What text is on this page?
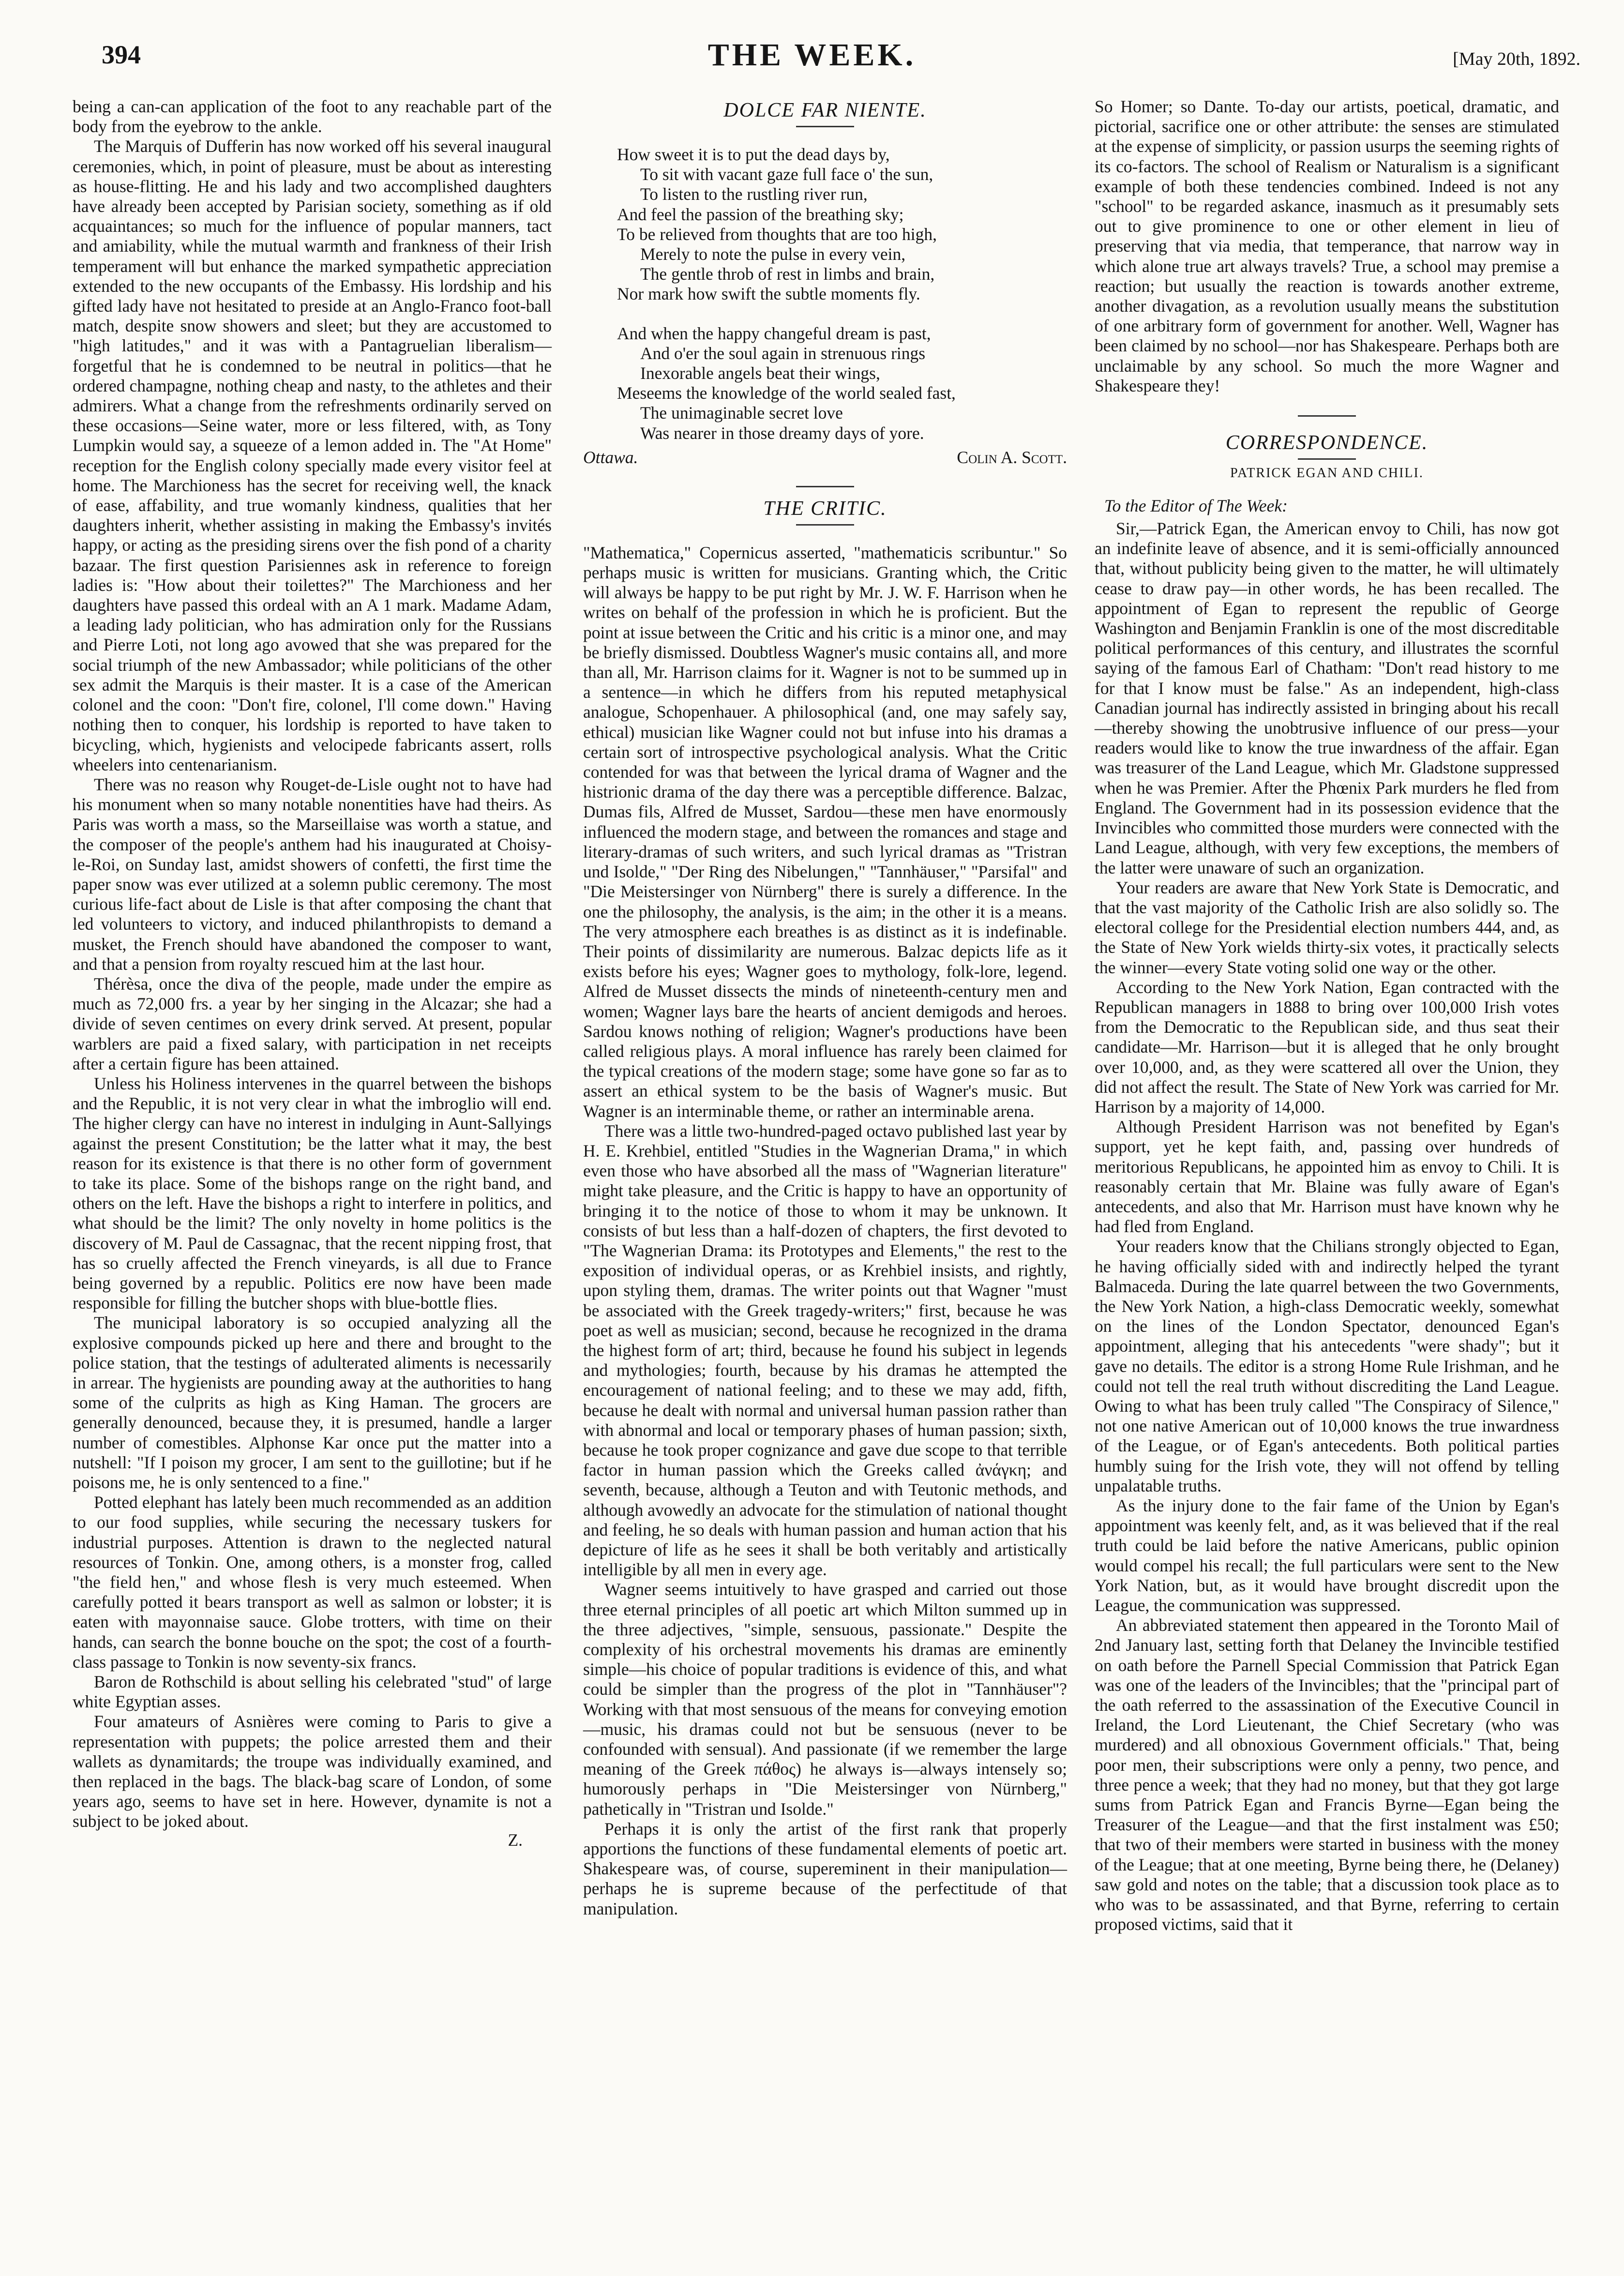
394	THE WEEK.	[May 20th, 1892.

being a can-can application of the foot to any reachable part of the body from the eyebrow to the ankle.

The Marquis of Dufferin has now worked off his several inaugural ceremonies, which, in point of pleasure, must be about as interesting as house-flitting. He and his lady and two accomplished daughters have already been accepted by Parisian society, something as if old acquaintances; so much for the influence of popular manners, tact and amiability, while the mutual warmth and frankness of their Irish temperament will but enhance the marked sympathetic appreciation extended to the new occupants of the Embassy. His lordship and his gifted lady have not hesitated to preside at an Anglo-Franco foot-ball match, despite snow showers and sleet; but they are accustomed to "high latitudes," and it was with a Pantagruelian liberalism—forgetful that he is condemned to be neutral in politics—that he ordered champagne, nothing cheap and nasty, to the athletes and their admirers. What a change from the refreshments ordinarily served on these occasions—Seine water, more or less filtered, with, as Tony Lumpkin would say, a squeeze of a lemon added in. The "At Home" reception for the English colony specially made every visitor feel at home. The Marchioness has the secret for receiving well, the knack of ease, affability, and true womanly kindness, qualities that her daughters inherit, whether assisting in making the Embassy's invités happy, or acting as the presiding sirens over the fish pond of a charity bazaar. The first question Parisiennes ask in reference to foreign ladies is: "How about their toilettes?" The Marchioness and her daughters have passed this ordeal with an A 1 mark. Madame Adam, a leading lady politician, who has admiration only for the Russians and Pierre Loti, not long ago avowed that she was prepared for the social triumph of the new Ambassador; while politicians of the other sex admit the Marquis is their master. It is a case of the American colonel and the coon: "Don't fire, colonel, I'll come down." Having nothing then to conquer, his lordship is reported to have taken to bicycling, which, hygienists and velocipede fabricants assert, rolls wheelers into centenarianism.

There was no reason why Rouget-de-Lisle ought not to have had his monument when so many notable nonentities have had theirs. As Paris was worth a mass, so the Marseillaise was worth a statue, and the composer of the people's anthem had his inaugurated at Choisy-le-Roi, on Sunday last, amidst showers of confetti, the first time the paper snow was ever utilized at a solemn public ceremony. The most curious life-fact about de Lisle is that after composing the chant that led volunteers to victory, and induced philanthropists to demand a musket, the French should have abandoned the composer to want, and that a pension from royalty rescued him at the last hour.

Thérèsa, once the diva of the people, made under the empire as much as 72,000 frs. a year by her singing in the Alcazar; she had a divide of seven centimes on every drink served. At present, popular warblers are paid a fixed salary, with participation in net receipts after a certain figure has been attained.

Unless his Holiness intervenes in the quarrel between the bishops and the Republic, it is not very clear in what the imbroglio will end. The higher clergy can have no interest in indulging in Aunt-Sallyings against the present Constitution; be the latter what it may, the best reason for its existence is that there is no other form of government to take its place. Some of the bishops range on the right band, and others on the left. Have the bishops a right to interfere in politics, and what should be the limit? The only novelty in home politics is the discovery of M. Paul de Cassagnac, that the recent nipping frost, that has so cruelly affected the French vineyards, is all due to France being governed by a republic. Politics ere now have been made responsible for filling the butcher shops with blue-bottle flies.

The municipal laboratory is so occupied analyzing all the explosive compounds picked up here and there and brought to the police station, that the testings of adulterated aliments is necessarily in arrear. The hygienists are pounding away at the authorities to hang some of the culprits as high as King Haman. The grocers are generally denounced, because they, it is presumed, handle a larger number of comestibles. Alphonse Kar once put the matter into a nutshell: "If I poison my grocer, I am sent to the guillotine; but if he poisons me, he is only sentenced to a fine."

Potted elephant has lately been much recommended as an addition to our food supplies, while securing the necessary tuskers for industrial purposes. Attention is drawn to the neglected natural resources of Tonkin. One, among others, is a monster frog, called "the field hen," and whose flesh is very much esteemed. When carefully potted it bears transport as well as salmon or lobster; it is eaten with mayonnaise sauce. Globe trotters, with time on their hands, can search the bonne bouche on the spot; the cost of a fourth-class passage to Tonkin is now seventy-six francs.

Baron de Rothschild is about selling his celebrated "stud" of large white Egyptian asses.

Four amateurs of Asnières were coming to Paris to give a representation with puppets; the police arrested them and their wallets as dynamitards; the troupe was individually examined, and then replaced in the bags. The black-bag scare of London, of some years ago, seems to have set in here. However, dynamite is not a subject to be joked about.

Z.
DOLCE FAR NIENTE.

How sweet it is to put the dead days by,

To sit with vacant gaze full face o' the sun,

To listen to the rustling river run,

And feel the passion of the breathing sky;

To be relieved from thoughts that are too high,

Merely to note the pulse in every vein,

The gentle throb of rest in limbs and brain,

Nor mark how swift the subtle moments fly.

And when the happy changeful dream is past,

And o'er the soul again in strenuous rings

Inexorable angels beat their wings,

Meseems the knowledge of the world sealed fast,

The unimaginable secret love

Was nearer in those dreamy days of yore.

Ottawa.	Colin A. Scott.
THE CRITIC.

"Mathematica," Copernicus asserted, "mathematicis scribuntur." So perhaps music is written for musicians. Granting which, the Critic will always be happy to be put right by Mr. J. W. F. Harrison when he writes on behalf of the profession in which he is proficient. But the point at issue between the Critic and his critic is a minor one, and may be briefly dismissed. Doubtless Wagner's music contains all, and more than all, Mr. Harrison claims for it. Wagner is not to be summed up in a sentence—in which he differs from his reputed metaphysical analogue, Schopenhauer. A philosophical (and, one may safely say, ethical) musician like Wagner could not but infuse into his dramas a certain sort of introspective psychological analysis. What the Critic contended for was that between the lyrical drama of Wagner and the histrionic drama of the day there was a perceptible difference. Balzac, Dumas fils, Alfred de Musset, Sardou—these men have enormously influenced the modern stage, and between the romances and stage and literary-dramas of such writers, and such lyrical dramas as "Tristran und Isolde," "Der Ring des Nibelungen," "Tannhäuser," "Parsifal" and "Die Meistersinger von Nürnberg" there is surely a difference. In the one the philosophy, the analysis, is the aim; in the other it is a means. The very atmosphere each breathes is as distinct as it is indefinable. Their points of dissimilarity are numerous. Balzac depicts life as it exists before his eyes; Wagner goes to mythology, folk-lore, legend. Alfred de Musset dissects the minds of nineteenth-century men and women; Wagner lays bare the hearts of ancient demigods and heroes. Sardou knows nothing of religion; Wagner's productions have been called religious plays. A moral influence has rarely been claimed for the typical creations of the modern stage; some have gone so far as to assert an ethical system to be the basis of Wagner's music. But Wagner is an interminable theme, or rather an interminable arena.

There was a little two-hundred-paged octavo published last year by H. E. Krehbiel, entitled "Studies in the Wagnerian Drama," in which even those who have absorbed all the mass of "Wagnerian literature" might take pleasure, and the Critic is happy to have an opportunity of bringing it to the notice of those to whom it may be unknown. It consists of but less than a half-dozen of chapters, the first devoted to "The Wagnerian Drama: its Prototypes and Elements," the rest to the exposition of individual operas, or as Krehbiel insists, and rightly, upon styling them, dramas. The writer points out that Wagner "must be associated with the Greek tragedy-writers;" first, because he was poet as well as musician; second, because he recognized in the drama the highest form of art; third, because he found his subject in legends and mythologies; fourth, because by his dramas he attempted the encouragement of national feeling; and to these we may add, fifth, because he dealt with normal and universal human passion rather than with abnormal and local or temporary phases of human passion; sixth, because he took proper cognizance and gave due scope to that terrible factor in human passion which the Greeks called ἀνάγκη; and seventh, because, although a Teuton and with Teutonic methods, and although avowedly an advocate for the stimulation of national thought and feeling, he so deals with human passion and human action that his depicture of life as he sees it shall be both veritably and artistically intelligible by all men in every age.

Wagner seems intuitively to have grasped and carried out those three eternal principles of all poetic art which Milton summed up in the three adjectives, "simple, sensuous, passionate." Despite the complexity of his orchestral movements his dramas are eminently simple—his choice of popular traditions is evidence of this, and what could be simpler than the progress of the plot in "Tannhäuser"? Working with that most sensuous of the means for conveying emotion—music, his dramas could not but be sensuous (never to be confounded with sensual). And passionate (if we remember the large meaning of the Greek πάθος) he always is—always intensely so; humorously perhaps in "Die Meistersinger von Nürnberg," pathetically in "Tristran und Isolde."

Perhaps it is only the artist of the first rank that properly apportions the functions of these fundamental elements of poetic art. Shakespeare was, of course, supereminent in their manipulation—perhaps he is supreme because of the perfectitude of that manipulation.

So Homer; so Dante. To-day our artists, poetical, dramatic, and pictorial, sacrifice one or other attribute: the senses are stimulated at the expense of simplicity, or passion usurps the seeming rights of its co-factors. The school of Realism or Naturalism is a significant example of both these tendencies combined. Indeed is not any "school" to be regarded askance, inasmuch as it presumably sets out to give prominence to one or other element in lieu of preserving that via media, that temperance, that narrow way in which alone true art always travels? True, a school may premise a reaction; but usually the reaction is towards another extreme, another divagation, as a revolution usually means the substitution of one arbitrary form of government for another. Well, Wagner has been claimed by no school—nor has Shakespeare. Perhaps both are unclaimable by any school. So much the more Wagner and Shakespeare they!

CORRESPONDENCE.
PATRICK EGAN AND CHILI.
To the Editor of The Week:

Sir,—Patrick Egan, the American envoy to Chili, has now got an indefinite leave of absence, and it is semi-officially announced that, without publicity being given to the matter, he will ultimately cease to draw pay—in other words, he has been recalled. The appointment of Egan to represent the republic of George Washington and Benjamin Franklin is one of the most discreditable political performances of this century, and illustrates the scornful saying of the famous Earl of Chatham: "Don't read history to me for that I know must be false." As an independent, high-class Canadian journal has indirectly assisted in bringing about his recall—thereby showing the unobtrusive influence of our press—your readers would like to know the true inwardness of the affair. Egan was treasurer of the Land League, which Mr. Gladstone suppressed when he was Premier. After the Phœnix Park murders he fled from England. The Government had in its possession evidence that the Invincibles who committed those murders were connected with the Land League, although, with very few exceptions, the members of the latter were unaware of such an organization.

Your readers are aware that New York State is Democratic, and that the vast majority of the Catholic Irish are also solidly so. The electoral college for the Presidential election numbers 444, and, as the State of New York wields thirty-six votes, it practically selects the winner—every State voting solid one way or the other.

According to the New York Nation, Egan contracted with the Republican managers in 1888 to bring over 100,000 Irish votes from the Democratic to the Republican side, and thus seat their candidate—Mr. Harrison—but it is alleged that he only brought over 10,000, and, as they were scattered all over the Union, they did not affect the result. The State of New York was carried for Mr. Harrison by a majority of 14,000.

Although President Harrison was not benefited by Egan's support, yet he kept faith, and, passing over hundreds of meritorious Republicans, he appointed him as envoy to Chili. It is reasonably certain that Mr. Blaine was fully aware of Egan's antecedents, and also that Mr. Harrison must have known why he had fled from England.

Your readers know that the Chilians strongly objected to Egan, he having officially sided with and indirectly helped the tyrant Balmaceda. During the late quarrel between the two Governments, the New York Nation, a high-class Democratic weekly, somewhat on the lines of the London Spectator, denounced Egan's appointment, alleging that his antecedents "were shady"; but it gave no details. The editor is a strong Home Rule Irishman, and he could not tell the real truth without discrediting the Land League. Owing to what has been truly called "The Conspiracy of Silence," not one native American out of 10,000 knows the true inwardness of the League, or of Egan's antecedents. Both political parties humbly suing for the Irish vote, they will not offend by telling unpalatable truths.

As the injury done to the fair fame of the Union by Egan's appointment was keenly felt, and, as it was believed that if the real truth could be laid before the native Americans, public opinion would compel his recall; the full particulars were sent to the New York Nation, but, as it would have brought discredit upon the League, the communication was suppressed.

An abbreviated statement then appeared in the Toronto Mail of 2nd January last, setting forth that Delaney the Invincible testified on oath before the Parnell Special Commission that Patrick Egan was one of the leaders of the Invincibles; that the "principal part of the oath referred to the assassination of the Executive Council in Ireland, the Lord Lieutenant, the Chief Secretary (who was murdered) and all obnoxious Government officials." That, being poor men, their subscriptions were only a penny, two pence, and three pence a week; that they had no money, but that they got large sums from Patrick Egan and Francis Byrne—Egan being the Treasurer of the League—and that the first instalment was £50; that two of their members were started in business with the money of the League; that at one meeting, Byrne being there, he (Delaney) saw gold and notes on the table; that a discussion took place as to who was to be assassinated, and that Byrne, referring to certain proposed victims, said that it
